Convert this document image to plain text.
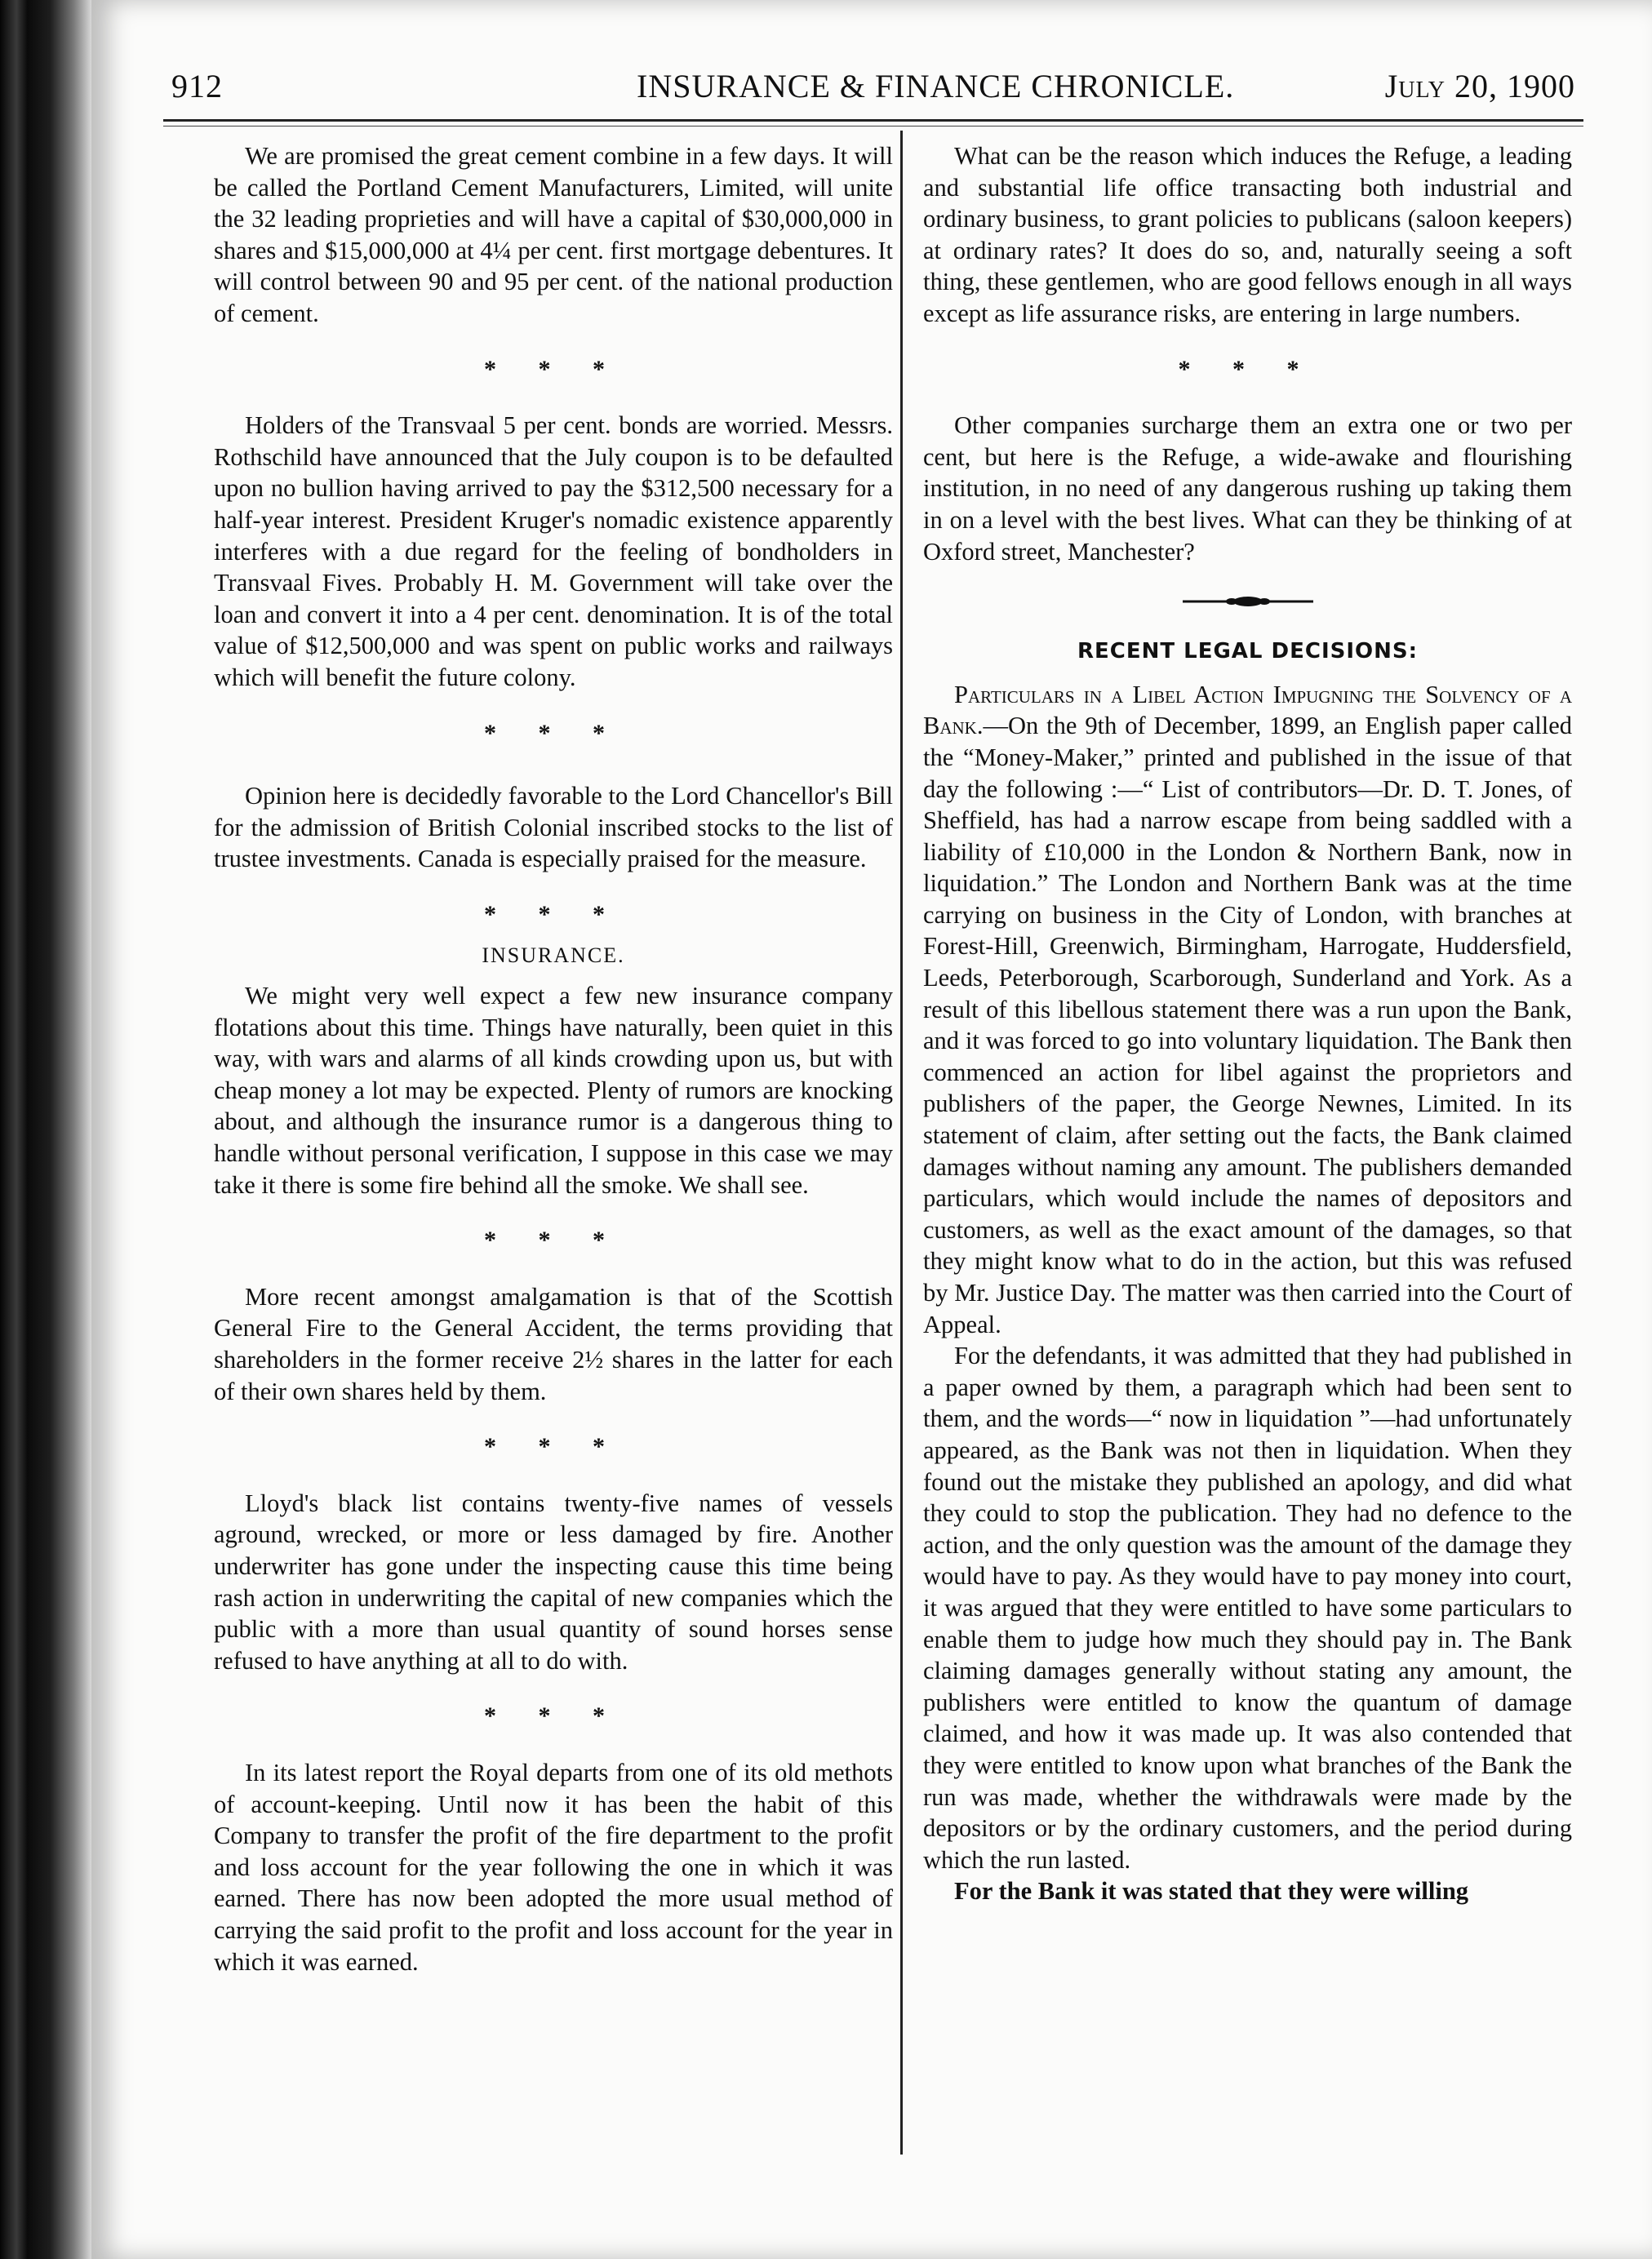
912	INSURANCE & FINANCE CHRONICLE.	July 20, 1900

We are promised the great cement combine in a few days. It will be called the Portland Cement Manufacturers, Limited, will unite the 32 leading proprieties and will have a capital of $30,000,000 in shares and $15,000,000 at 4¼ per cent. first mortgage debentures. It will control between 90 and 95 per cent. of the national production of cement.

* * *

Holders of the Transvaal 5 per cent. bonds are worried. Messrs. Rothschild have announced that the July coupon is to be defaulted upon no bullion having arrived to pay the $312,500 necessary for a half-year interest. President Kruger's nomadic existence apparently interferes with a due regard for the feeling of bondholders in Transvaal Fives. Probably H. M. Government will take over the loan and convert it into a 4 per cent. denomination. It is of the total value of $12,500,000 and was spent on public works and railways which will benefit the future colony.

* * *

Opinion here is decidedly favorable to the Lord Chancellor's Bill for the admission of British Colonial inscribed stocks to the list of trustee investments. Canada is especially praised for the measure.

* * *

INSURANCE.

We might very well expect a few new insurance company flotations about this time. Things have naturally, been quiet in this way, with wars and alarms of all kinds crowding upon us, but with cheap money a lot may be expected. Plenty of rumors are knocking about, and although the insurance rumor is a dangerous thing to handle without personal verification, I suppose in this case we may take it there is some fire behind all the smoke. We shall see.

* * *

More recent amongst amalgamation is that of the Scottish General Fire to the General Accident, the terms providing that shareholders in the former receive 2½ shares in the latter for each of their own shares held by them.

* * *

Lloyd's black list contains twenty-five names of vessels aground, wrecked, or more or less damaged by fire. Another underwriter has gone under the inspecting cause this time being rash action in underwriting the capital of new companies which the public with a more than usual quantity of sound horses sense refused to have anything at all to do with.

* * *

In its latest report the Royal departs from one of its old methots of account-keeping. Until now it has been the habit of this Company to transfer the profit of the fire department to the profit and loss account for the year following the one in which it was earned. There has now been adopted the more usual method of carrying the said profit to the profit and loss account for the year in which it was earned.

What can be the reason which induces the Refuge, a leading and substantial life office transacting both industrial and ordinary business, to grant policies to publicans (saloon keepers) at ordinary rates? It does do so, and, naturally seeing a soft thing, these gentlemen, who are good fellows enough in all ways except as life assurance risks, are entering in large numbers.

* * *

Other companies surcharge them an extra one or two per cent, but here is the Refuge, a wide-awake and flourishing institution, in no need of any dangerous rushing up taking them in on a level with the best lives. What can they be thinking of at Oxford street, Manchester?

RECENT LEGAL DECISIONS:

Particulars in a Libel Action Impugning the Solvency of a Bank.—On the 9th of December, 1899, an English paper called the “Money-Maker,” printed and published in the issue of that day the following :—“ List of contributors—Dr. D. T. Jones, of Sheffield, has had a narrow escape from being saddled with a liability of £10,000 in the London & Northern Bank, now in liquidation.” The London and Northern Bank was at the time carrying on business in the City of London, with branches at Forest-Hill, Greenwich, Birmingham, Harrogate, Huddersfield, Leeds, Peterborough, Scarborough, Sunderland and York. As a result of this libellous statement there was a run upon the Bank, and it was forced to go into voluntary liquidation. The Bank then commenced an action for libel against the proprietors and publishers of the paper, the George Newnes, Limited. In its statement of claim, after setting out the facts, the Bank claimed damages without naming any amount. The publishers demanded particulars, which would include the names of depositors and customers, as well as the exact amount of the damages, so that they might know what to do in the action, but this was refused by Mr. Justice Day. The matter was then carried into the Court of Appeal.

For the defendants, it was admitted that they had published in a paper owned by them, a paragraph which had been sent to them, and the words—“ now in liquidation ”—had unfortunately appeared, as the Bank was not then in liquidation. When they found out the mistake they published an apology, and did what they could to stop the publication. They had no defence to the action, and the only question was the amount of the damage they would have to pay. As they would have to pay money into court, it was argued that they were entitled to have some particulars to enable them to judge how much they should pay in. The Bank claiming damages generally without stating any amount, the publishers were entitled to know the quantum of damage claimed, and how it was made up. It was also contended that they were entitled to know upon what branches of the Bank the run was made, whether the withdrawals were made by the depositors or by the ordinary customers, and the period during which the run lasted.

For the Bank it was stated that they were willing
